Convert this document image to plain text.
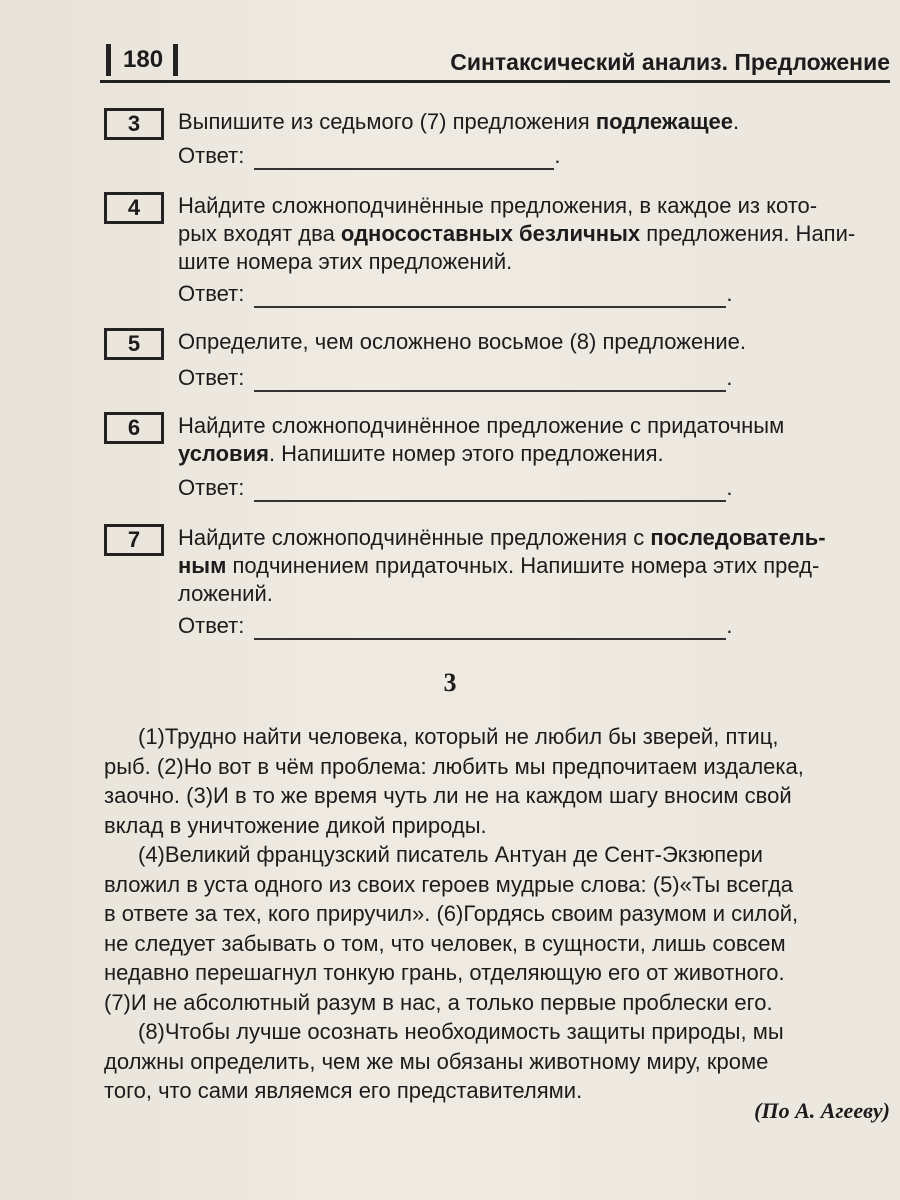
180	Синтаксический анализ. Предложение
3	Выпишите из седьмого (7) предложения подлежащее.
Ответ:	.
4	Найдите сложноподчинённые предложения, в каждое из кото-
рых входят два односоставных безличных предложения. Напи-
шите номера этих предложений.
Ответ:	.
5	Определите, чем осложнено восьмое (8) предложение.
Ответ:	.
6	Найдите сложноподчинённое предложение с придаточным
условия. Напишите номер этого предложения.
Ответ:	.
7	Найдите сложноподчинённые предложения с последователь-
ным подчинением придаточных. Напишите номера этих пред-
ложений.
Ответ:	.
3

(1)Трудно найти человека, который не любил бы зверей, птиц,
рыб. (2)Но вот в чём проблема: любить мы предпочитаем издалека,
заочно. (3)И в то же время чуть ли не на каждом шагу вносим свой
вклад в уничтожение дикой природы.

(4)Великий французский писатель Антуан де Сент-Экзюпери
вложил в уста одного из своих героев мудрые слова: (5)«Ты всегда
в ответе за тех, кого приручил». (6)Гордясь своим разумом и силой,
не следует забывать о том, что человек, в сущности, лишь совсем
недавно перешагнул тонкую грань, отделяющую его от животного.
(7)И не абсолютный разум в нас, а только первые проблески его.

(8)Чтобы лучше осознать необходимость защиты природы, мы
должны определить, чем же мы обязаны животному миру, кроме
того, что сами являемся его представителями.

(По А. Агееву)
